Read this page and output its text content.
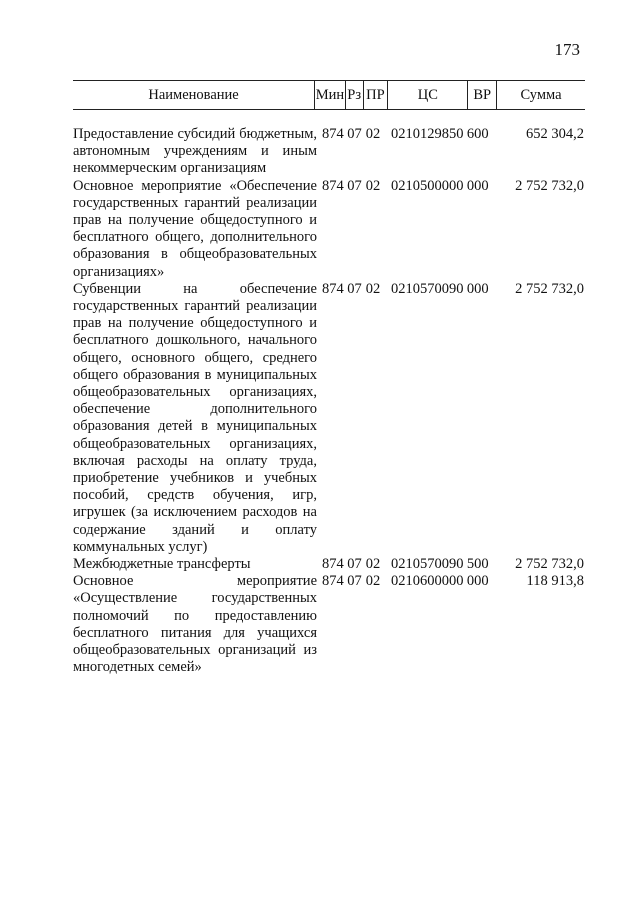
173
Наименование	Мин Рз ПР	ЦС	ВР	Сумма
Предоставление субсидий бюджетным, автономным учреждениям и иным некоммерческим организациям
874 07 02 0210129850 600	652 304,2
Основное мероприятие «Обеспечение государственных гарантий реализации прав на получение общедоступного и бесплатного общего, дополнительного образования в общеобразовательных организациях»
874 07 02 0210500000 000	2 752 732,0
Субвенции на обеспечение государственных гарантий реализации прав на получение общедоступного и бесплатного дошкольного, начального общего, основного общего, среднего общего образования в муниципальных общеобразовательных организациях, обеспечение дополнительного образования детей в муниципальных общеобразовательных организациях, включая расходы на оплату труда, приобретение учебников и учебных пособий, средств обучения, игр, игрушек (за исключением расходов на содержание зданий и оплату коммунальных услуг)
874 07 02 0210570090 000	2 752 732,0
Межбюджетные трансферты	874 07 02 0210570090 500	2 752 732,0
Основное мероприятие «Осуществление государственных полномочий по предоставлению бесплатного питания для учащихся общеобразовательных организаций из многодетных семей»
874 07 02 0210600000 000	118 913,8
